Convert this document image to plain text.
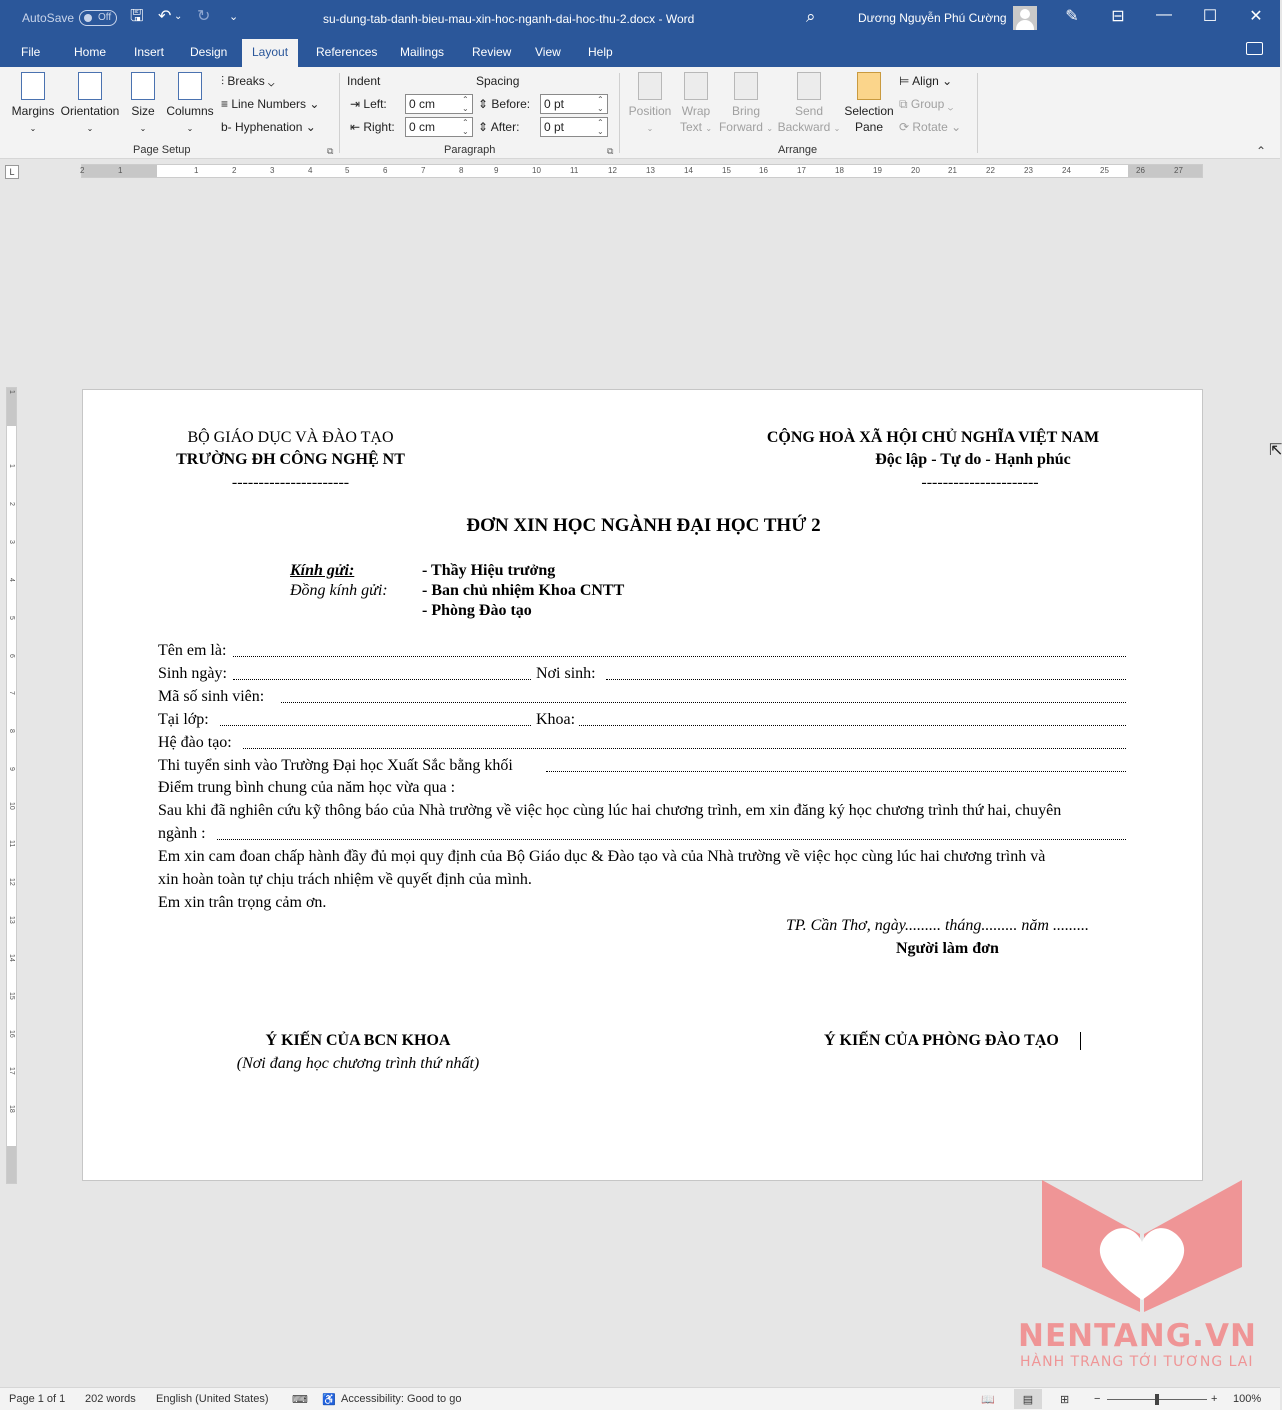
AutoSave	Off	🖫 ↶ ⌄ ↻ ⌄	su-dung-tab-danh-bieu-mau-xin-hoc-nganh-dai-hoc-thu-2.docx - Word	⌕	Dương Nguyễn Phú Cường	✎	⊟	—	☐	✕
File	Home Insert Design	Layout	References Mailings Review View Help
Margins
⌄
Orientation
⌄
Size
⌄
Columns
⌄
⫶ Breaks ⌄
≡ Line Numbers ⌄
b- Hyphenation ⌄
Page Setup	⧉
Indent	Spacing
⇥ Left:
⇤ Right:
0 cm ⌃⌄
0 cm ⌃⌄
⇕ Before:
⇕ After:
0 pt ⌃⌄
0 pt ⌃⌄
Paragraph	⧉
Position
⌄
Wrap
Text ⌄
Bring
Forward ⌄
Send
Backward ⌄
Selection
Pane
⊨ Align ⌄
⧉ Group ⌄
⟳ Rotate ⌄
Arrange	⌃
L	2	1	1	2	3	4	5	6	7	8	9	10	11	12	13	14	15	16	17	18	19	20	21	22	23	24	25	26	27
1
1
2
3
4
5
6
7
8
9
10
11
12
13
14
15
16
17
18
BỘ GIÁO DỤC VÀ ĐÀO TẠO
TRƯỜNG ĐH CÔNG NGHỆ NT
----------------------
CỘNG HOÀ XÃ HỘI CHỦ NGHĨA VIỆT NAM
Độc lập - Tự do - Hạnh phúc
----------------------
ĐƠN XIN HỌC NGÀNH ĐẠI HỌC THỨ 2
Kính gửi:
Đồng kính gửi:
- Thầy Hiệu trưởng
- Ban chủ nhiệm Khoa CNTT
- Phòng Đào tạo
Tên em là:
Sinh ngày:	Nơi sinh:
Mã số sinh viên:
Tại lớp:	Khoa:
Hệ đào tạo:
Thi tuyển sinh vào Trường Đại học Xuất Sắc bằng khối
Điểm trung bình chung của năm học vừa qua :
Sau khi đã nghiên cứu kỹ thông báo của Nhà trường về việc học cùng lúc hai chương trình, em xin đăng ký học chương trình thứ hai, chuyên
ngành :
Em xin cam đoan chấp hành đầy đủ mọi quy định của Bộ Giáo dục & Đào tạo và của Nhà trường về việc học cùng lúc hai chương trình và
xin hoàn toàn tự chịu trách nhiệm về quyết định của mình.
Em xin trân trọng cảm ơn.
TP. Cần Thơ, ngày......... tháng......... năm .........
Người làm đơn
Ý KIẾN CỦA BCN KHOA
(Nơi đang học chương trình thứ nhất)
Ý KIẾN CỦA PHÒNG ĐÀO TẠO
⇱
NENTANG.VN
HÀNH TRANG TỚI TƯƠNG LAI
Page 1 of 1 202 words English (United States) ⌨ ♿ Accessibility: Good to go	📖	▤	⊞ −	+ 100%
